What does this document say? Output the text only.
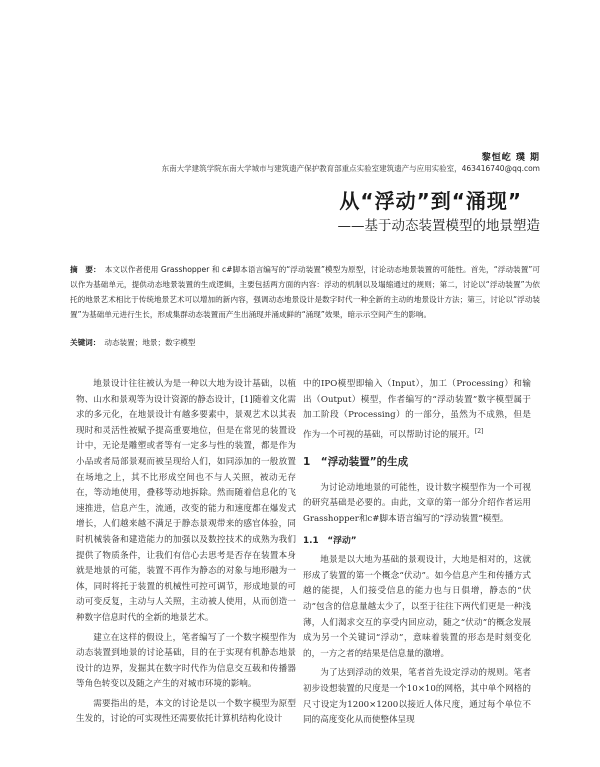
黎恒屹 璞 期
东南大学建筑学院东南大学城市与建筑遗产保护教育部重点实验室建筑遗产与应用实验室，463416740@qq.com
从“浮动”到“涌现”
——基于动态装置模型的地景塑造
摘　要： 本文以作者使用 Grasshopper 和 c#脚本语言编写的“浮动装置”模型为原型，讨论动态地景装置的可能性。首先，“浮动装置”可以作为基础单元，提供动态地景装置的生成逻辑，主要包括两方面的内容：浮动的机制以及塌缩通过的规则；第二，讨论以“浮动装置”为依托的地景艺术相比于传统地景艺术可以增加的新内容，强调动态地景设计是数字时代一种全新的主动的地景设计方法；第三，讨论以“浮动装置”为基础单元进行生长，形成集群动态装置而产生出涌现并涌成鲜的“涌现”效果，暗示示空间产生的影响。
关键词： 动态装置；地景；数字模型

地景设计往往被认为是一种以大地为设计基础，以植物、山水和景观等为设计资源的静态设计，[1]随着文化需求的多元化，在地景设计有越多要素中，景观艺术以其表现时和灵活性被赋予提高重要地位，但是在常见的装置设计中，无论是雕塑或者等有一定多与性的装置，都是作为小品或者局部景观而被呈现给人们，如同添加的一般放置在场地之上，其不比形成空间也不与人关照，被动无存在，等动地使用，叠移等动地拆除。然而随着信息化的飞速推进，信息产生，流通，改变的能力和速度都在爆发式增长，人们越来越不满足于静态景观带来的感官体验，同时机械装备和建造能力的加强以及数控技术的成熟为我们提供了物质条件，让我们有信心去思考是否存在装置本身就是地景的可能，装置不再作为静态的对象与地形融为一体，同时将托于装置的机械性可控可调节，形成地景的可动可变反复，主动与人关照，主动被人使用，从而创造一种数字信息时代的全新的地景艺术。

建立在这样的假设上，笔者编写了一个数字模型作为动态装置到地景的讨论基础，目的在于实现有机静态地景设计的边界，发掘其在数字时代作为信息交互载和传播器等角色转变以及随之产生的对城市环境的影响。

需要指出的是，本文的讨论是以一个数字模型为原型生发的，讨论的可实现性还需要依托计算机结构化设计

中的IPO模型即输入（Input），加工（Processing）和输出（Output）模型，作者编写的“浮动装置”数字模型属于加工阶段（Processing）的一部分，虽然为不成熟，但是作为一个可视的基础，可以帮助讨论的展开。[2]

1　“浮动装置”的生成

为讨论动地地景的可能性，设计数字模型作为一个可视的研究基础是必要的。由此，文章的第一部分介绍作者运用Grasshopper和c#脚本语言编写的“浮动装置”模型。

1.1　“浮动”

地景是以大地为基础的景观设计，大地是相对的，这就形成了装置的第一个概念“伏动”。如今信息产生和传播方式越的能提，人们接受信息的能力也与日俱增，静态的“伏动”包含的信息量越太少了，以至于往往下两代们更是一种浅薄，人们渴求交互的享受内回应动，随之“伏动”的概念发展成为另一个关键词“浮动”，意味着装置的形态是时刻变化的，一方之者的结果是信息量的激增。

为了达到浮动的效果，笔者首先设定浮动的规则。笔者初步设想装置的尺度是一个10×10的网格，其中单个网格的尺寸设定为1200×1200以接近人体尺度，通过每个单位不同的高度变化从而使整体呈现
